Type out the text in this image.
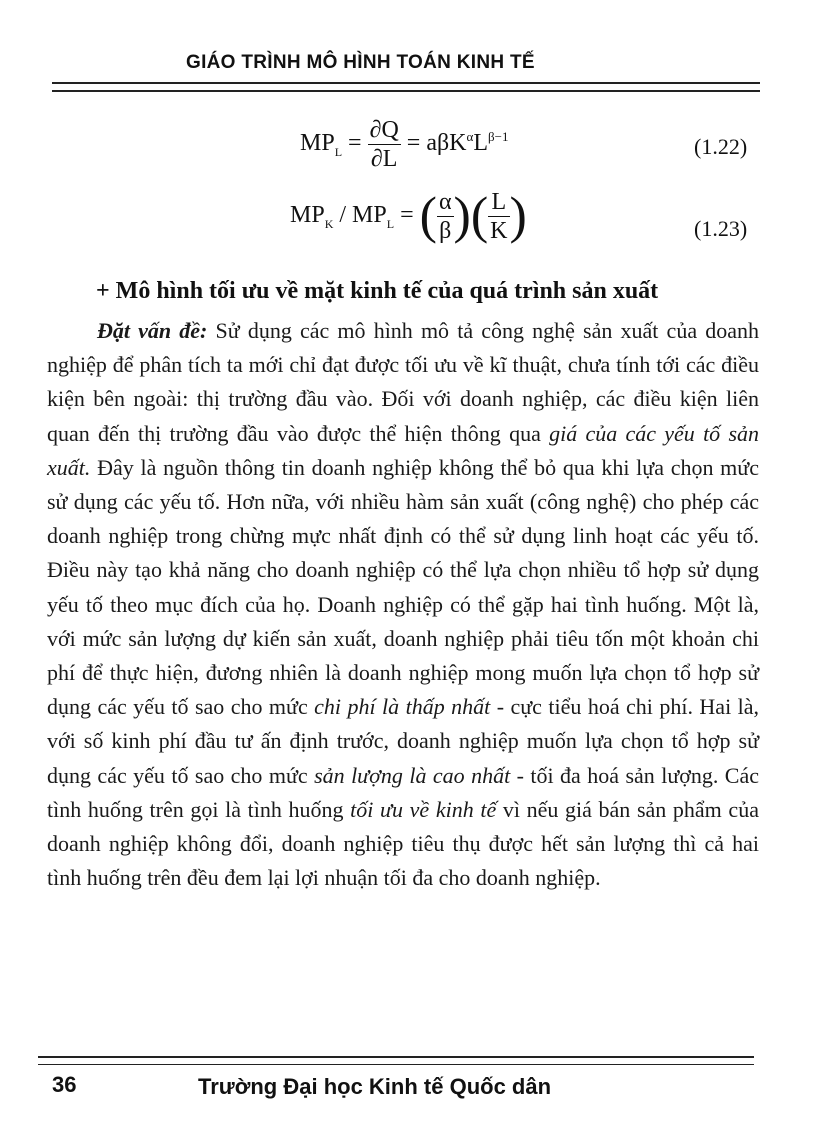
GIÁO TRÌNH MÔ HÌNH TOÁN KINH TẾ
$MP_L = \frac{\partial Q}{\partial L} = a\beta K^\alpha L^{\beta-1}$	(1.22)
$MP_K / MP_L$ = ( $\frac{\alpha}{\beta}$ )( $\frac{L}{K}$ )	(1.23)
+ Mô hình tối ưu về mặt kinh tế của quá trình sản xuất
Đặt vấn đề: Sử dụng các mô hình mô tả công nghệ sản xuất của doanh nghiệp để phân tích ta mới chỉ đạt được tối ưu về kĩ thuật, chưa tính tới các điều kiện bên ngoài: thị trường đầu vào. Đối với doanh nghiệp, các điều kiện liên quan đến thị trường đầu vào được thể hiện thông qua giá của các yếu tố sản xuất. Đây là nguồn thông tin doanh nghiệp không thể bỏ qua khi lựa chọn mức sử dụng các yếu tố. Hơn nữa, với nhiều hàm sản xuất (công nghệ) cho phép các doanh nghiệp trong chừng mực nhất định có thể sử dụng linh hoạt các yếu tố. Điều này tạo khả năng cho doanh nghiệp có thể lựa chọn nhiều tổ hợp sử dụng yếu tố theo mục đích của họ. Doanh nghiệp có thể gặp hai tình huống. Một là, với mức sản lượng dự kiến sản xuất, doanh nghiệp phải tiêu tốn một khoản chi phí để thực hiện, đương nhiên là doanh nghiệp mong muốn lựa chọn tổ hợp sử dụng các yếu tố sao cho mức chi phí là thấp nhất - cực tiểu hoá chi phí. Hai là, với số kinh phí đầu tư ấn định trước, doanh nghiệp muốn lựa chọn tổ hợp sử dụng các yếu tố sao cho mức sản lượng là cao nhất - tối đa hoá sản lượng. Các tình huống trên gọi là tình huống tối ưu về kinh tế vì nếu giá bán sản phẩm của doanh nghiệp không đổi, doanh nghiệp tiêu thụ được hết sản lượng thì cả hai tình huống trên đều đem lại lợi nhuận tối đa cho doanh nghiệp.
36	Trường Đại học Kinh tế Quốc dân
